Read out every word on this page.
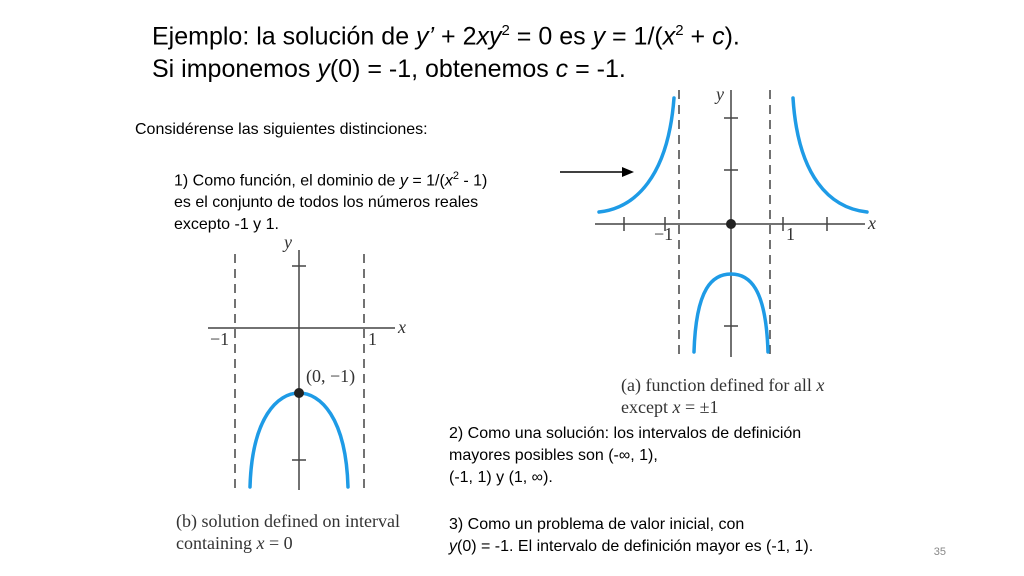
Ejemplo: la solución de y’ + $2xy^2 = 0$ es $y = 1/(x^2 + c)$.
Si imponemos y(0) = -1, obtenemos c = -1.
Considérense las siguientes distinciones:
1) Como función, el dominio de $y = 1/(x^2 - 1)$
es el conjunto de todos los números reales
excepto -1 y 1.
y
x
−1	1
(a) function defined for all x
except x = ±1
y
x
−1	1
(0, −1)
(b) solution defined on interval
containing x = 0
2) Como una solución: los intervalos de definición
mayores posibles son (-∞, 1),
(-1, 1) y (1, ∞).
3) Como un problema de valor inicial, con
y(0) = -1. El intervalo de definición mayor es (-1, 1).	35
